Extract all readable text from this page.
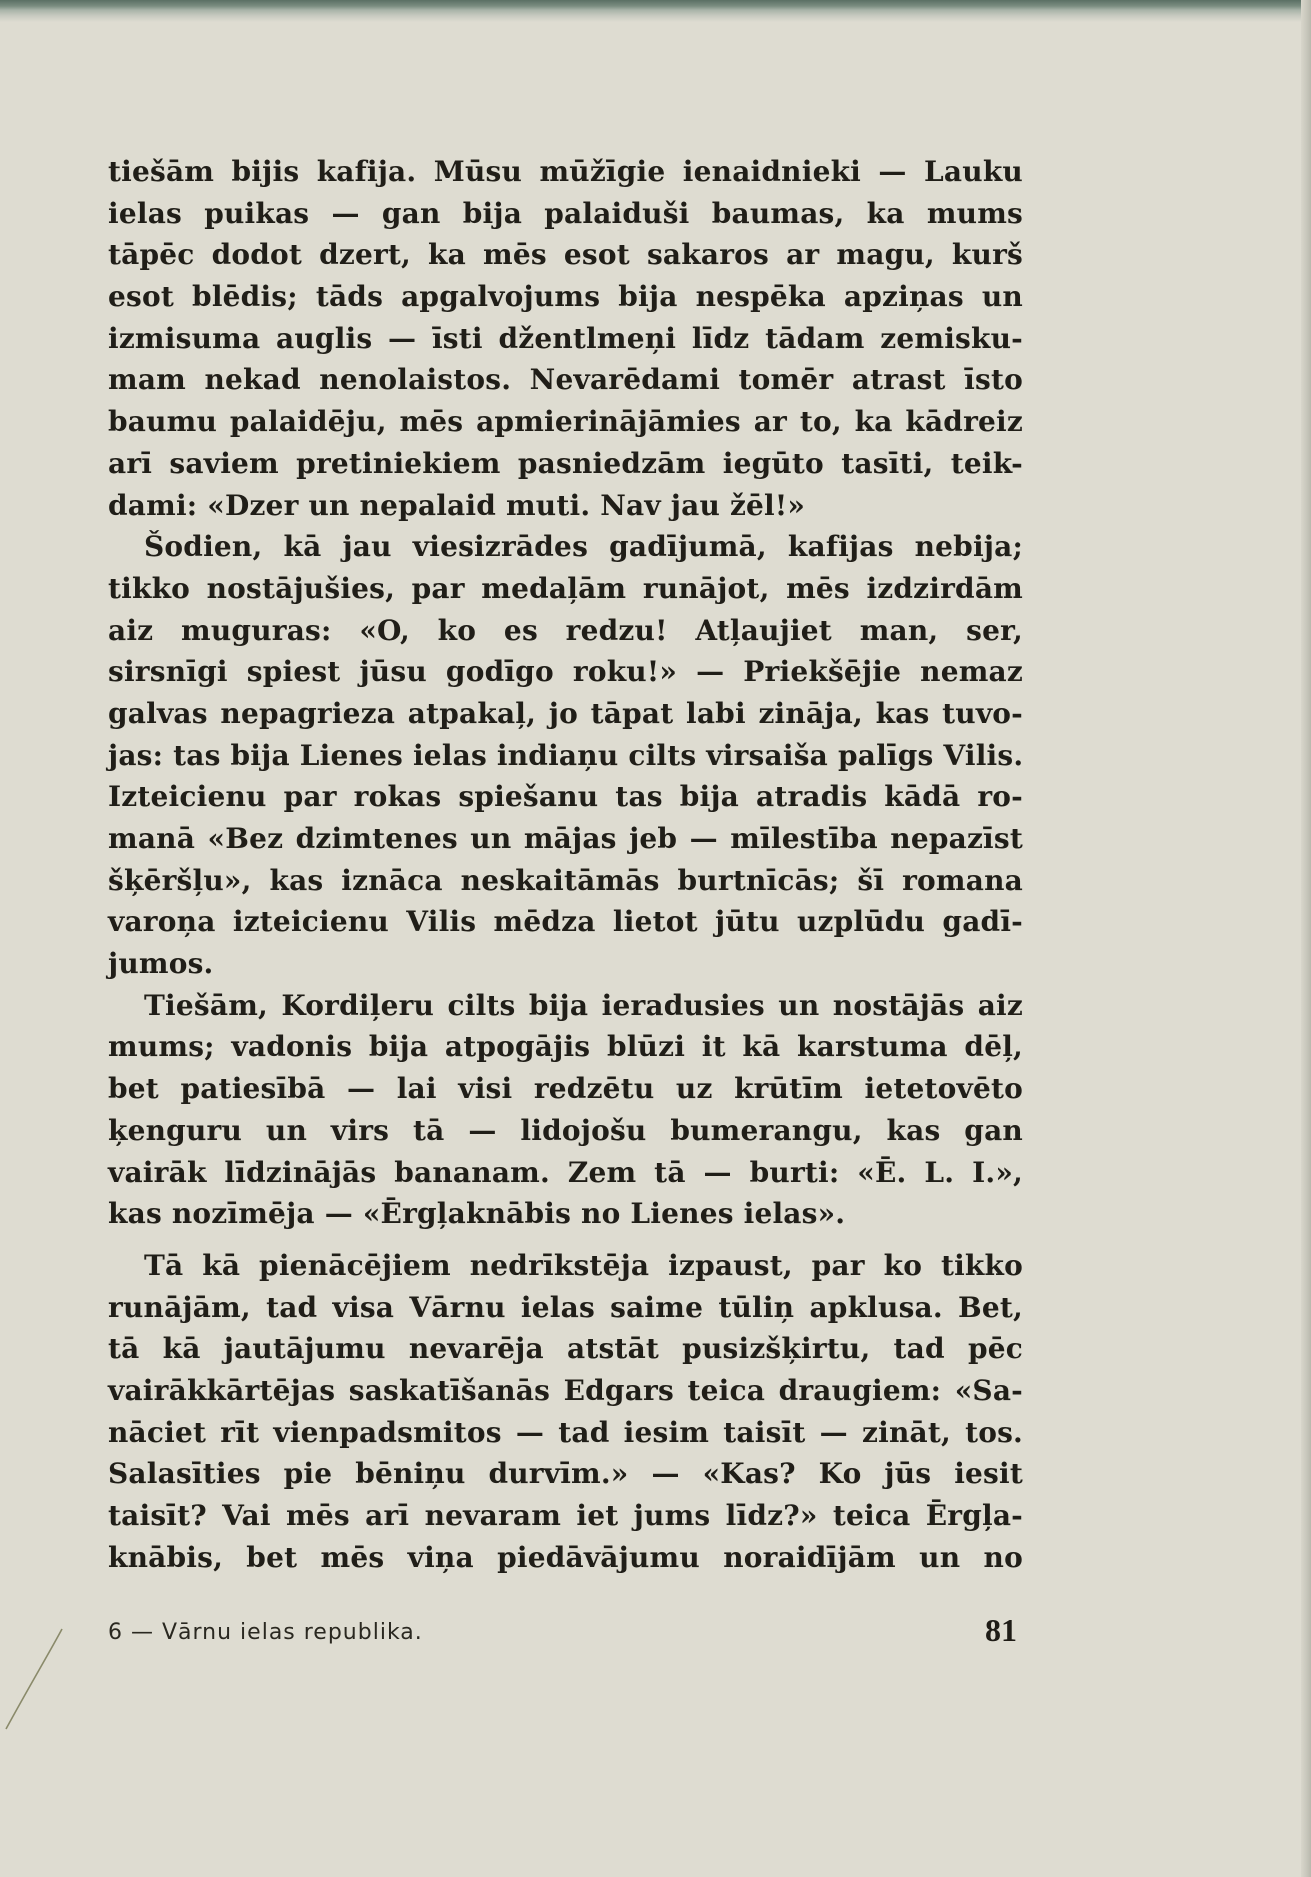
tiešām bijis kafija. Mūsu mūžīgie ienaidnieki — Lauku
ielas puikas — gan bija palaiduši baumas, ka mums
tāpēc dodot dzert, ka mēs esot sakaros ar magu, kurš
esot blēdis; tāds apgalvojums bija nespēka apziņas un
izmisuma auglis — īsti džentlmeņi līdz tādam zemisku-
mam nekad nenolaistos. Nevarēdami tomēr atrast īsto
baumu palaidēju, mēs apmierinājāmies ar to, ka kādreiz
arī saviem pretiniekiem pasniedzām iegūto tasīti, teik-
dami: «Dzer un nepalaid muti. Nav jau žēl!»
Šodien, kā jau viesizrādes gadījumā, kafijas nebija;
tikko nostājušies, par medaļām runājot, mēs izdzirdām
aiz muguras: «O, ko es redzu! Atļaujiet man, ser,
sirsnīgi spiest jūsu godīgo roku!» — Priekšējie nemaz
galvas nepagrieza atpakaļ, jo tāpat labi zināja, kas tuvo-
jas: tas bija Lienes ielas indiaņu cilts virsaiša palīgs Vilis.
Izteicienu par rokas spiešanu tas bija atradis kādā ro-
manā «Bez dzimtenes un mājas jeb — mīlestība nepazīst
šķēršļu», kas iznāca neskaitāmās burtnīcās; šī romana
varoņa izteicienu Vilis mēdza lietot jūtu uzplūdu gadī-
jumos.
Tiešām, Kordiļeru cilts bija ieradusies un nostājās aiz
mums; vadonis bija atpogājis blūzi it kā karstuma dēļ,
bet patiesībā — lai visi redzētu uz krūtīm ietetovēto
ķenguru un virs tā — lidojošu bumerangu, kas gan
vairāk līdzinājās bananam. Zem tā — burti: «Ē. L. I.»,
kas nozīmēja — «Ērgļaknābis no Lienes ielas».
Tā kā pienācējiem nedrīkstēja izpaust, par ko tikko
runājām, tad visa Vārnu ielas saime tūliņ apklusa. Bet,
tā kā jautājumu nevarēja atstāt pusizšķirtu, tad pēc
vairākkārtējas saskatīšanās Edgars teica draugiem: «Sa-
nāciet rīt vienpadsmitos — tad iesim taisīt — zināt, tos.
Salasīties pie bēniņu durvīm.» — «Kas? Ko jūs iesit
taisīt? Vai mēs arī nevaram iet jums līdz?» teica Ērgļa-
knābis, bet mēs viņa piedāvājumu noraidījām un no
6 — Vārnu ielas republika.	81
